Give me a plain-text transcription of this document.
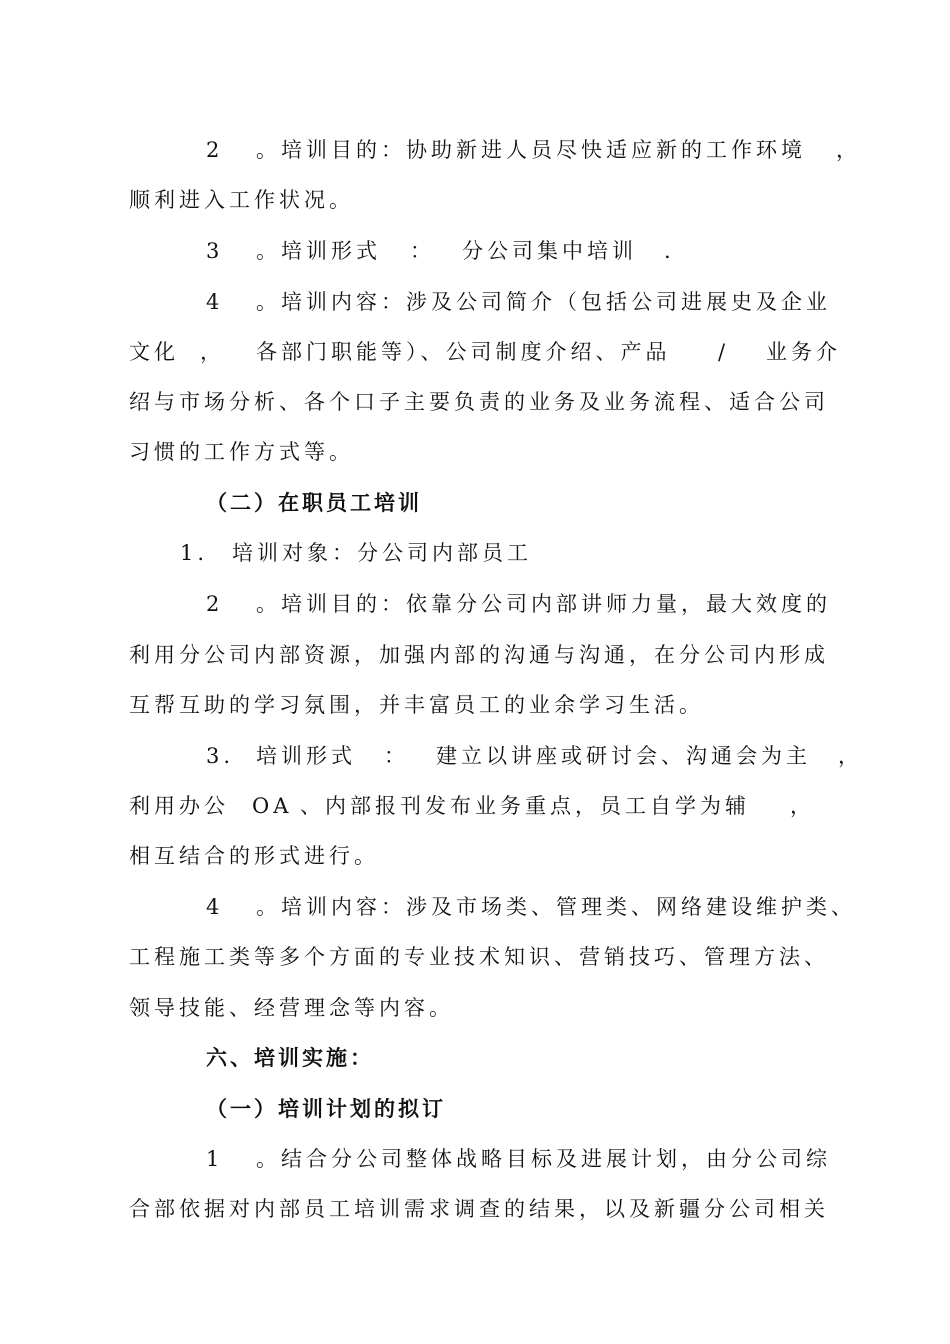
2

。培训目的：协助新进人员尽快适应新的工作环境

，

顺利进入工作状况。

3

。培训形式

：

分公司集中培训

.

4

。培训内容：涉及公司简介（包括公司进展史及企业

文化

，

各部门职能等）、公司制度介绍、产品

/

业务介

绍与市场分析、各个口子主要负责的业务及业务流程、适合公司

习惯的工作方式等。

（二）在职员工培训

1.

培训对象：分公司内部员工

2

。培训目的：依靠分公司内部讲师力量，最大效度的

利用分公司内部资源，加强内部的沟通与沟通，在分公司内形成

互帮互助的学习氛围，并丰富员工的业余学习生活。

3.

培训形式

：

建立以讲座或研讨会、沟通会为主

，

利用办公

OA

、内部报刊发布业务重点，员工自学为辅

，

相互结合的形式进行。

4

。培训内容：涉及市场类、管理类、网络建设维护类、

工程施工类等多个方面的专业技术知识、营销技巧、管理方法、

领导技能、经营理念等内容。

六、培训实施：

（一）培训计划的拟订

1

。结合分公司整体战略目标及进展计划，由分公司综

合部依据对内部员工培训需求调查的结果，以及新疆分公司相关
